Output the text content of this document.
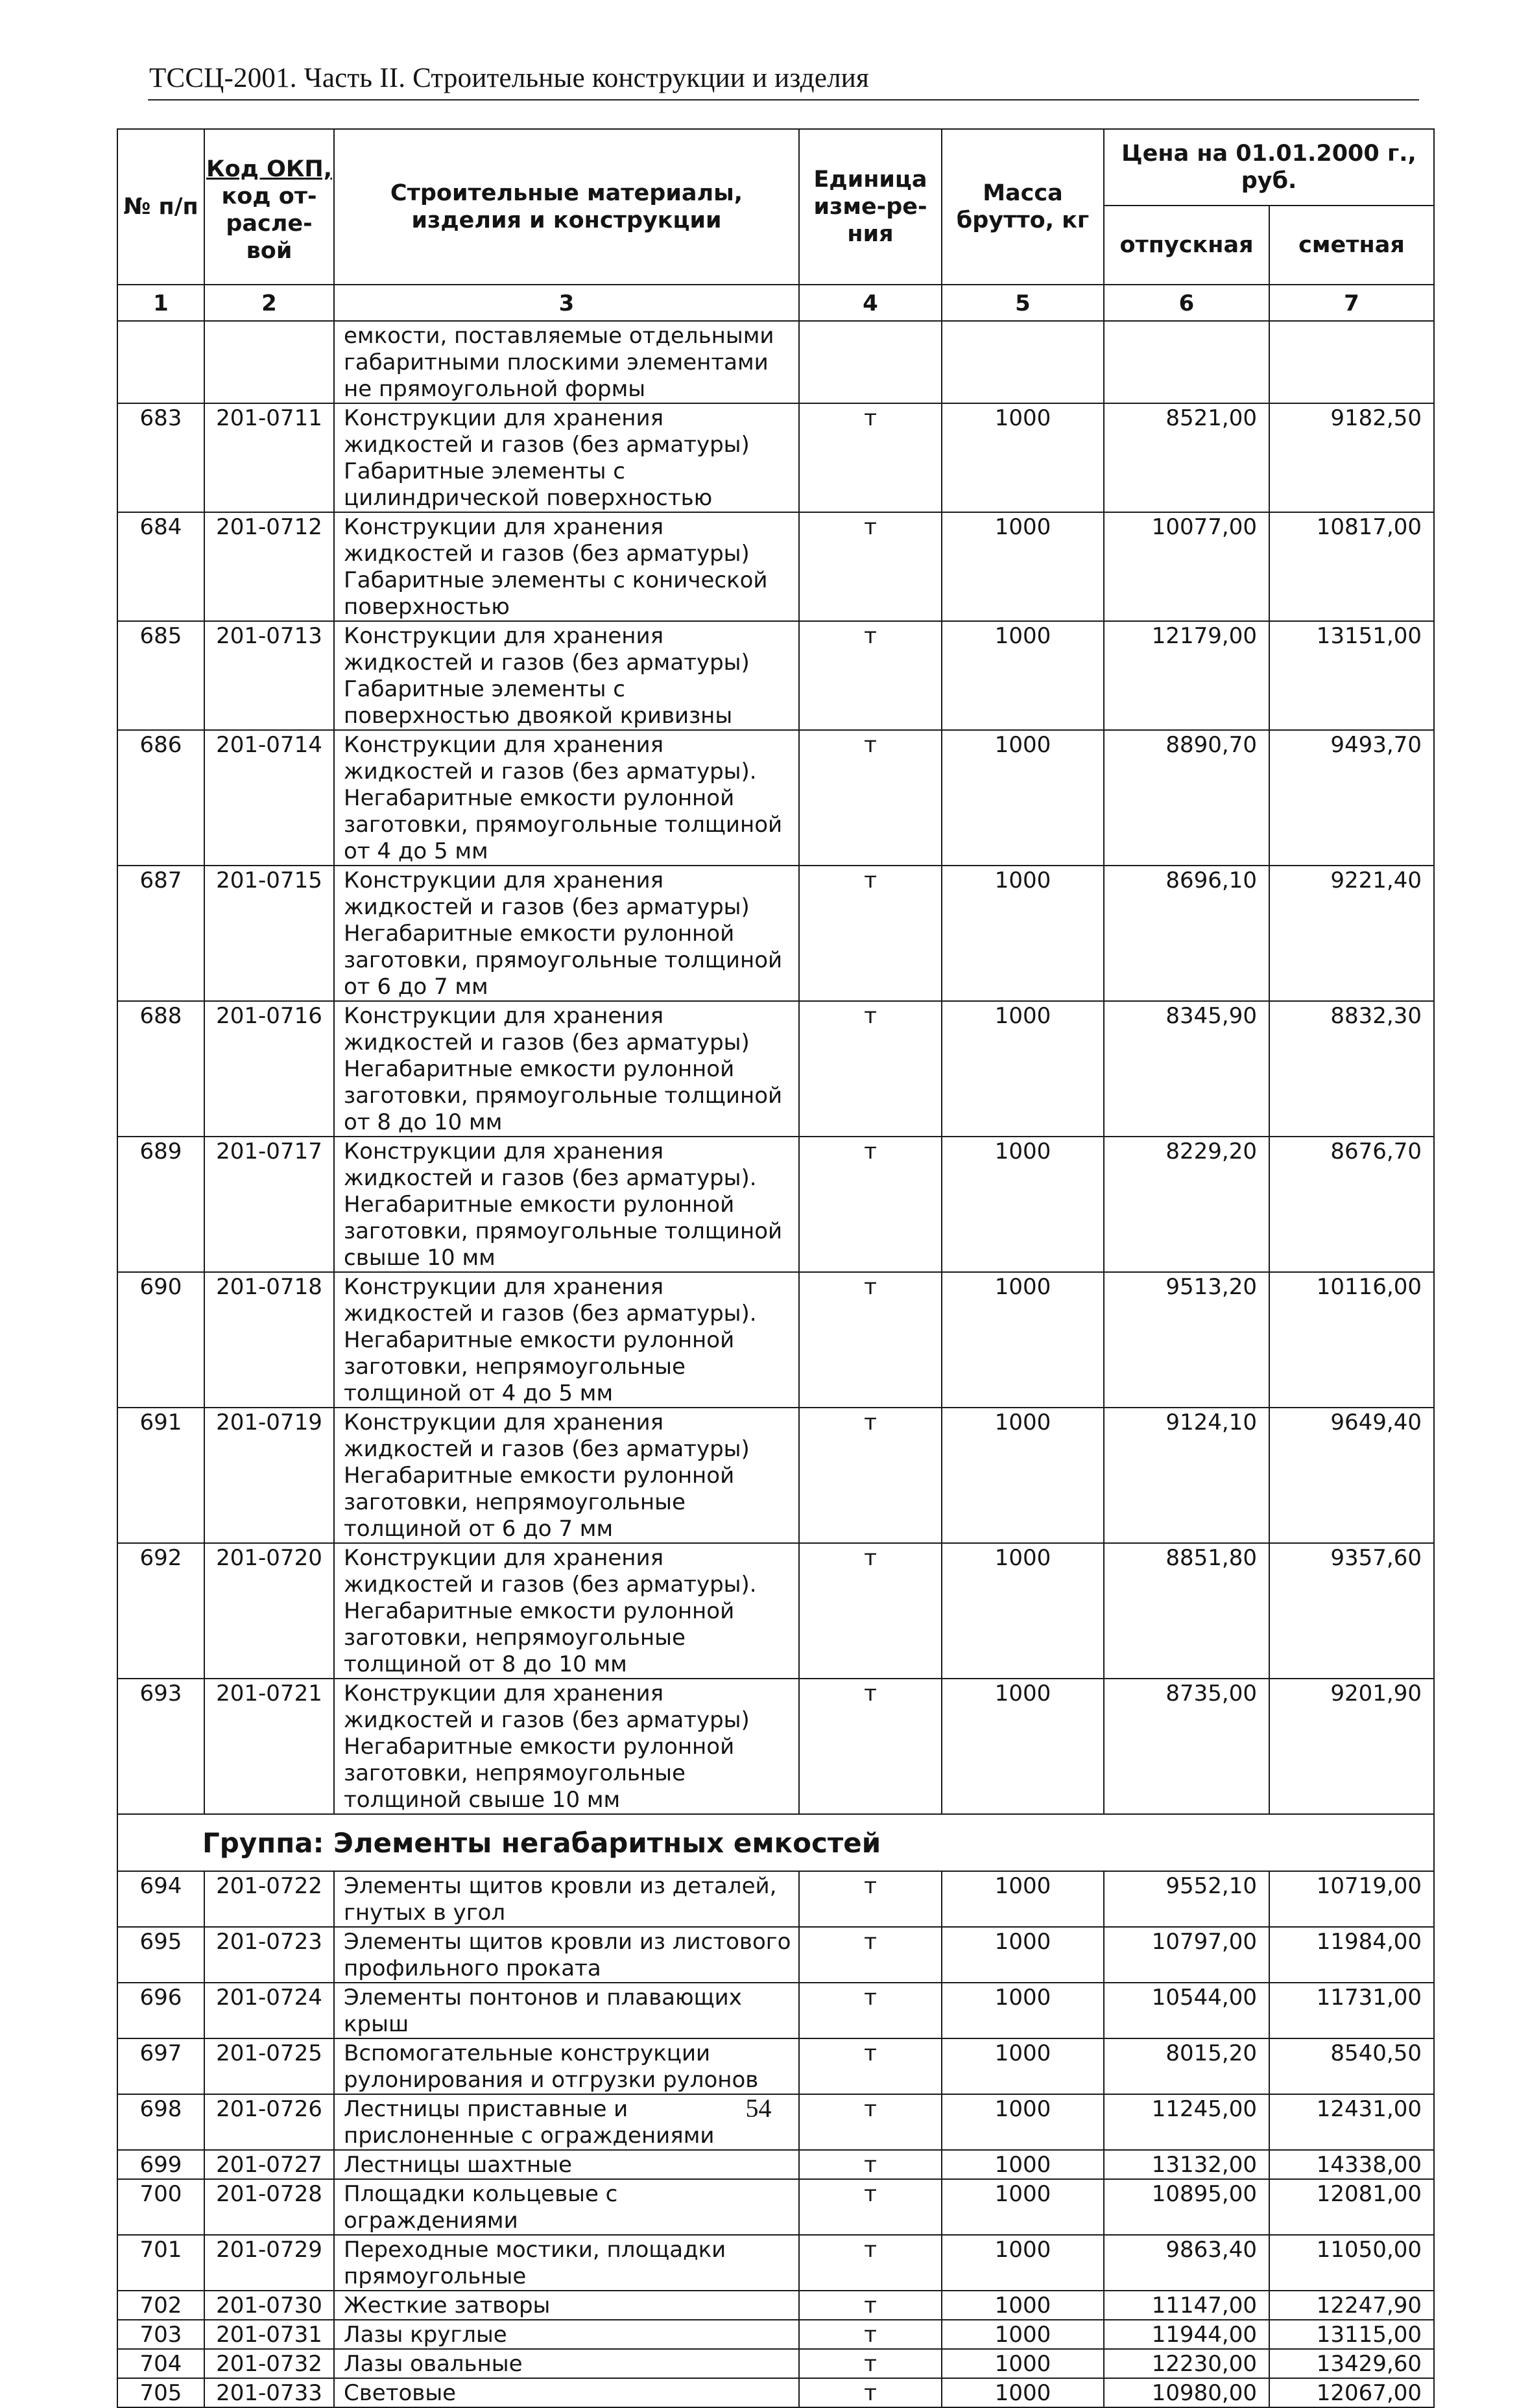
ТССЦ-2001. Часть II. Строительные конструкции и изделия
№ п/п	Код ОКП, код от-расле-вой	Строительные материалы, изделия и конструкции	Единица изме-ре-ния	Масса брутто, кг	Цена на 01.01.2000 г., руб.	
					отпускная	сметная
1	2	3	4	5	6	7
		емкости, поставляемые отдельными габаритными плоскими элементами не прямоугольной формы				
683	201-0711	Конструкции для хранения жидкостей и газов (без арматуры) Габаритные элементы с цилиндрической поверхностью	т	1000	8521,00	9182,50
684	201-0712	Конструкции для хранения жидкостей и газов (без арматуры) Габаритные элементы с конической поверхностью	т	1000	10077,00	10817,00
685	201-0713	Конструкции для хранения жидкостей и газов (без арматуры) Габаритные элементы с поверхностью двоякой кривизны	т	1000	12179,00	13151,00
686	201-0714	Конструкции для хранения жидкостей и газов (без арматуры). Негабаритные емкости рулонной заготовки, прямоугольные толщиной от 4 до 5 мм	т	1000	8890,70	9493,70
687	201-0715	Конструкции для хранения жидкостей и газов (без арматуры) Негабаритные емкости рулонной заготовки, прямоугольные толщиной от 6 до 7 мм	т	1000	8696,10	9221,40
688	201-0716	Конструкции для хранения жидкостей и газов (без арматуры) Негабаритные емкости рулонной заготовки, прямоугольные толщиной от 8 до 10 мм	т	1000	8345,90	8832,30
689	201-0717	Конструкции для хранения жидкостей и газов (без арматуры). Негабаритные емкости рулонной заготовки, прямоугольные толщиной свыше 10 мм	т	1000	8229,20	8676,70
690	201-0718	Конструкции для хранения жидкостей и газов (без арматуры). Негабаритные емкости рулонной заготовки, непрямоугольные толщиной от 4 до 5 мм	т	1000	9513,20	10116,00
691	201-0719	Конструкции для хранения жидкостей и газов (без арматуры) Негабаритные емкости рулонной заготовки, непрямоугольные толщиной от 6 до 7 мм	т	1000	9124,10	9649,40
692	201-0720	Конструкции для хранения жидкостей и газов (без арматуры). Негабаритные емкости рулонной заготовки, непрямоугольные толщиной от 8 до 10 мм	т	1000	8851,80	9357,60
693	201-0721	Конструкции для хранения жидкостей и газов (без арматуры) Негабаритные емкости рулонной заготовки, непрямоугольные толщиной свыше 10 мм	т	1000	8735,00	9201,90
Группа: Элементы негабаритных емкостей						
694	201-0722	Элементы щитов кровли из деталей, гнутых в угол	т	1000	9552,10	10719,00
695	201-0723	Элементы щитов кровли из листового профильного проката	т	1000	10797,00	11984,00
696	201-0724	Элементы понтонов и плавающих крыш	т	1000	10544,00	11731,00
697	201-0725	Вспомогательные конструкции рулонирования и отгрузки рулонов	т	1000	8015,20	8540,50
698	201-0726	Лестницы приставные и прислоненные с ограждениями	т	1000	11245,00	12431,00
699	201-0727	Лестницы шахтные	т	1000	13132,00	14338,00
700	201-0728	Площадки кольцевые с ограждениями	т	1000	10895,00	12081,00
701	201-0729	Переходные мостики, площадки прямоугольные	т	1000	9863,40	11050,00
702	201-0730	Жесткие затворы	т	1000	11147,00	12247,90
703	201-0731	Лазы круглые	т	1000	11944,00	13115,00
704	201-0732	Лазы овальные	т	1000	12230,00	13429,60
705	201-0733	Световые	т	1000	10980,00	12067,00
54
